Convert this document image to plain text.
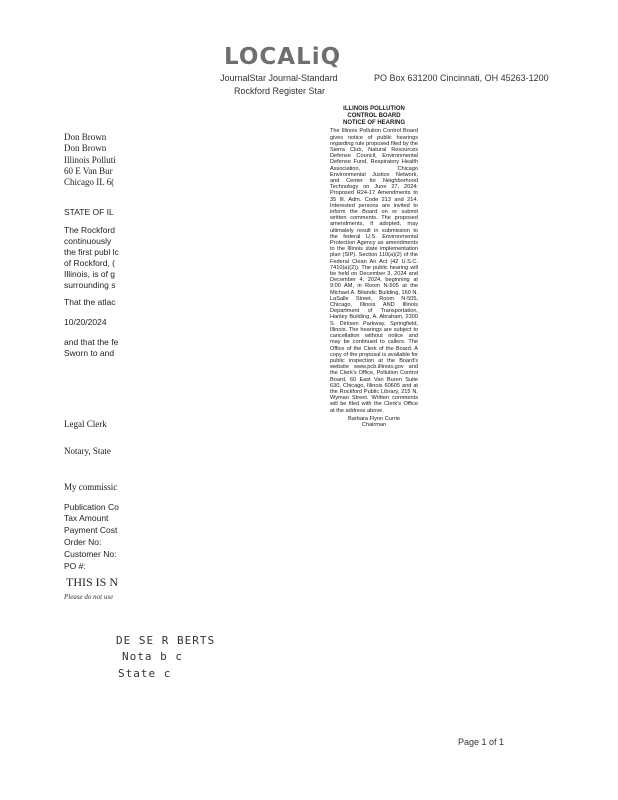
LOCALiQ
JournalStar Journal-Standard
Rockford Register Star
PO Box 631200 Cincinnati, OH 45263-1200
Don Brown
Don Brown
Illinois Polluti
60 E Van Bur
Chicago IL 6(
STATE OF IL
The Rockford
continuously
the first publ lc
of Rockford, (
Illinois, is of g
surrounding s
That the atlac
10/20/2024
and that the fe
Sworn to and
Legal Clerk
Notary, State
My commissic
Publication Co
Tax Amount
Payment Cost
Order No:
Customer No:
PO #:
THIS IS N
Please do not use
ILLINOIS POLLUTION
CONTROL BOARD
NOTICE OF HEARING
The Illinois Pollution Control Board gives notice of public hearings regarding rule proposed filed by the Sierra Club, Natural Resources Defense Council, Environmental Defense Fund, Respiratory Health Association, Chicago Environmental Justice Network, and Center for Neighborhood Technology on June 27, 2024: Proposed R24-17 Amendments to 35 Ill. Adm. Code 213 and 214. Interested persons are invited to inform the Board on or submit written comments. The proposed amendments, if adopted, may ultimately result in submission to the federal U.S. Environmental Protection Agency as amendments to the Illinois state implementation plan (SIP). Section 110(a)(2) of the Federal Clean Air Act (42 U.S.C. 7410(a)(2)). The public hearing will be held on December 3, 2024 and December 4, 2024, beginning at 9:00 AM, in Room N-505 at the Michael A. Bilandic Building, 160 N. LaSalle Street, Room N-505, Chicago, Illinois AND Illinois Department of Transportation, Hanley Building, A. Abraham, 2300 S. Dirksen Parkway, Springfield, Illinois. The hearings are subject to cancellation without notice and may be continued to callers. The Office of the Clerk of the Board. A copy of the proposal is available for public inspection at the Board's website www.pcb.illinois.gov and the Clerk's Office, Pollution Control Board, 60 East Van Buren Suite 630, Chicago, Illinois 60605 and at the Rockford Public Library, 215 N. Wyman Street. Written comments will be filed with the Clerk's Office at the address above.
Barbara Flynn Currie
Chairman
DE SE R BERTS
Nota b c
State c
Page 1 of 1
